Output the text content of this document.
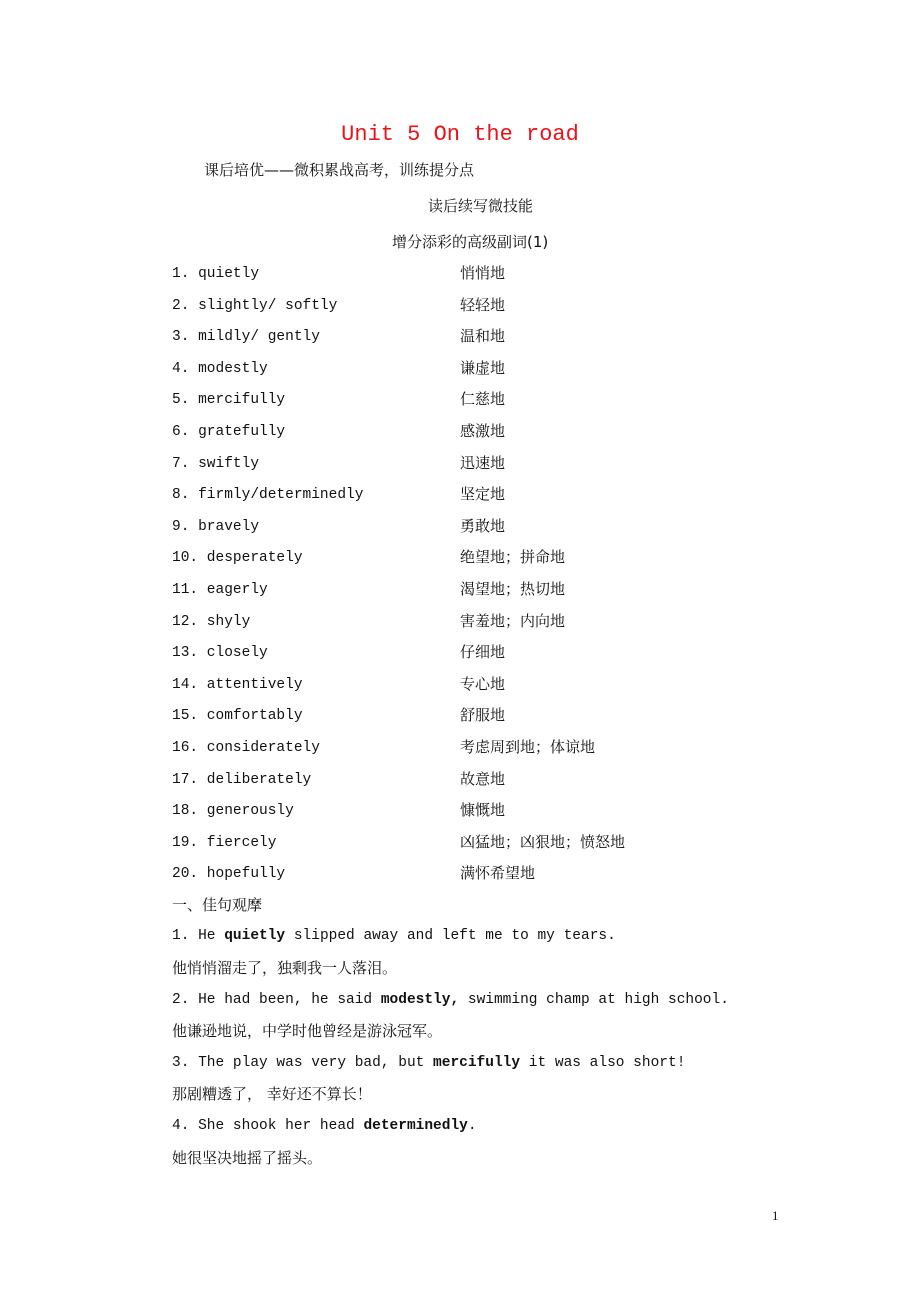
Unit 5 On the road
课后培优——微积累战高考，训练提分点
读后续写微技能
增分添彩的高级副词(1)
1. quietly	悄悄地
2. slightly/ softly	轻轻地
3. mildly/ gently	温和地
4. modestly	谦虚地
5. mercifully	仁慈地
6. gratefully	感激地
7. swiftly	迅速地
8. firmly/determinedly	坚定地
9. bravely	勇敢地
10. desperately	绝望地；拼命地
11. eagerly	渴望地；热切地
12. shyly	害羞地；内向地
13. closely	仔细地
14. attentively	专心地
15. comfortably	舒服地
16. considerately	考虑周到地；体谅地
17. deliberately	故意地
18. generously	慷慨地
19. fiercely	凶猛地；凶狠地；愤怒地
20. hopefully	满怀希望地
一、佳句观摩
1. He quietly slipped away and left me to my tears.
他悄悄溜走了，独剩我一人落泪。
2. He had been, he said modestly, swimming champ at high school.
他谦逊地说，中学时他曾经是游泳冠军。
3. The play was very bad, but mercifully it was also short!
那剧糟透了， 幸好还不算长！
4. She shook her head determinedly.
她很坚决地摇了摇头。
1
